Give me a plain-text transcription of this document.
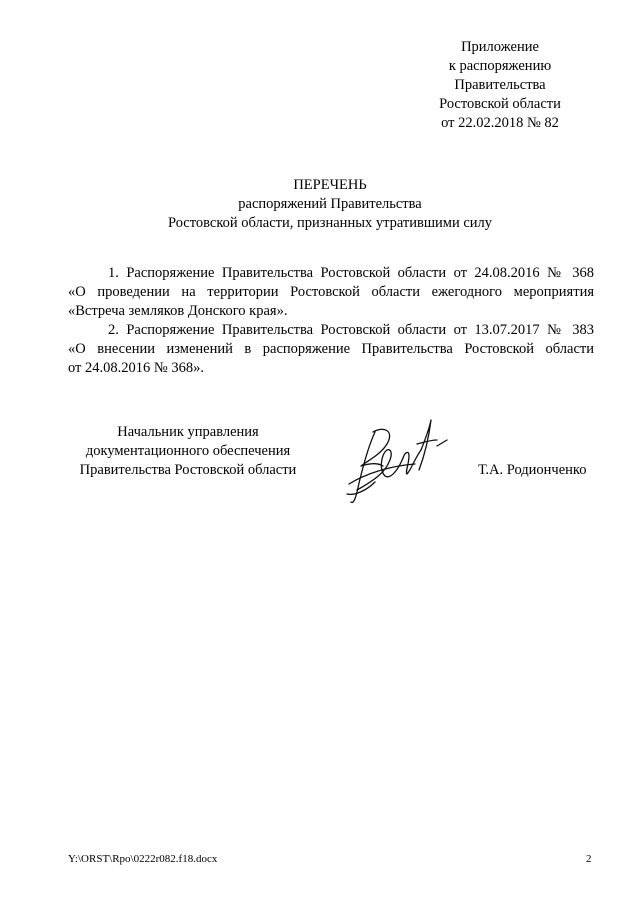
Приложение
к распоряжению
Правительства
Ростовской области
от 22.02.2018 № 82
ПЕРЕЧЕНЬ
распоряжений Правительства
Ростовской области, признанных утратившими силу
1. Распоряжение Правительства Ростовской области от 24.08.2016 № 368
«О проведении на территории Ростовской области ежегодного мероприятия
«Встреча земляков Донского края».
2. Распоряжение Правительства Ростовской области от 13.07.2017 № 383
«О внесении изменений в распоряжение Правительства Ростовской области
от 24.08.2016 № 368».
Начальник управления
документационного обеспечения
Правительства Ростовской области	Т.А. Родионченко
Y:\ORST\Rpo\0222r082.f18.docx	2
